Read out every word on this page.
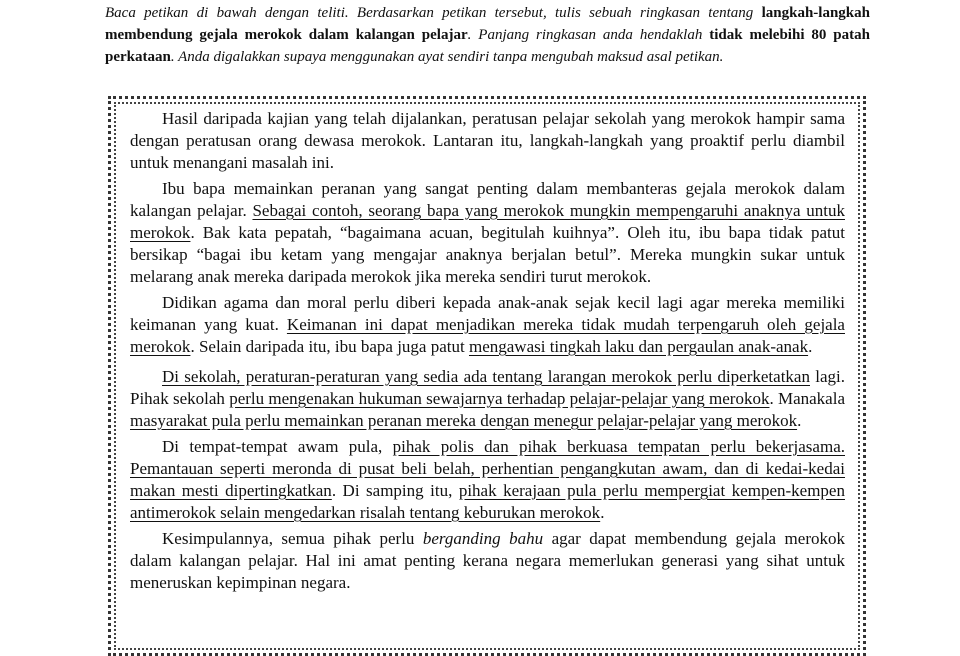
Baca petikan di bawah dengan teliti. Berdasarkan petikan tersebut, tulis sebuah ringkasan tentang langkah-langkah membendung gejala merokok dalam kalangan pelajar. Panjang ringkasan anda hendaklah tidak melebihi 80 patah perkataan. Anda digalakkan supaya menggunakan ayat sendiri tanpa mengubah maksud asal petikan.

Hasil daripada kajian yang telah dijalankan, peratusan pelajar sekolah yang merokok hampir sama dengan peratusan orang dewasa merokok. Lantaran itu, langkah-langkah yang proaktif perlu diambil untuk menangani masalah ini.

Ibu bapa memainkan peranan yang sangat penting dalam membanteras gejala merokok dalam kalangan pelajar. Sebagai contoh, seorang bapa yang merokok mungkin mempengaruhi anaknya untuk merokok. Bak kata pepatah, “bagaimana acuan, begitulah kuihnya”. Oleh itu, ibu bapa tidak patut bersikap “bagai ibu ketam yang mengajar anaknya berjalan betul”. Mereka mungkin sukar untuk melarang anak mereka daripada merokok jika mereka sendiri turut merokok.

Didikan agama dan moral perlu diberi kepada anak-anak sejak kecil lagi agar mereka memiliki keimanan yang kuat. Keimanan ini dapat menjadikan mereka tidak mudah terpengaruh oleh gejala merokok. Selain daripada itu, ibu bapa juga patut mengawasi tingkah laku dan pergaulan anak-anak.

Di sekolah, peraturan-peraturan yang sedia ada tentang larangan merokok perlu diperketatkan lagi. Pihak sekolah perlu mengenakan hukuman sewajarnya terhadap pelajar-pelajar yang merokok. Manakala masyarakat pula perlu memainkan peranan mereka dengan menegur pelajar-pelajar yang merokok.

Di tempat-tempat awam pula, pihak polis dan pihak berkuasa tempatan perlu bekerjasama. Pemantauan seperti meronda di pusat beli belah, perhentian pengangkutan awam, dan di kedai-kedai makan mesti dipertingkatkan. Di samping itu, pihak kerajaan pula perlu mempergiat kempen-kempen antimerokok selain mengedarkan risalah tentang keburukan merokok.

Kesimpulannya, semua pihak perlu berganding bahu agar dapat membendung gejala merokok dalam kalangan pelajar. Hal ini amat penting kerana negara memerlukan generasi yang sihat untuk meneruskan kepimpinan negara.
